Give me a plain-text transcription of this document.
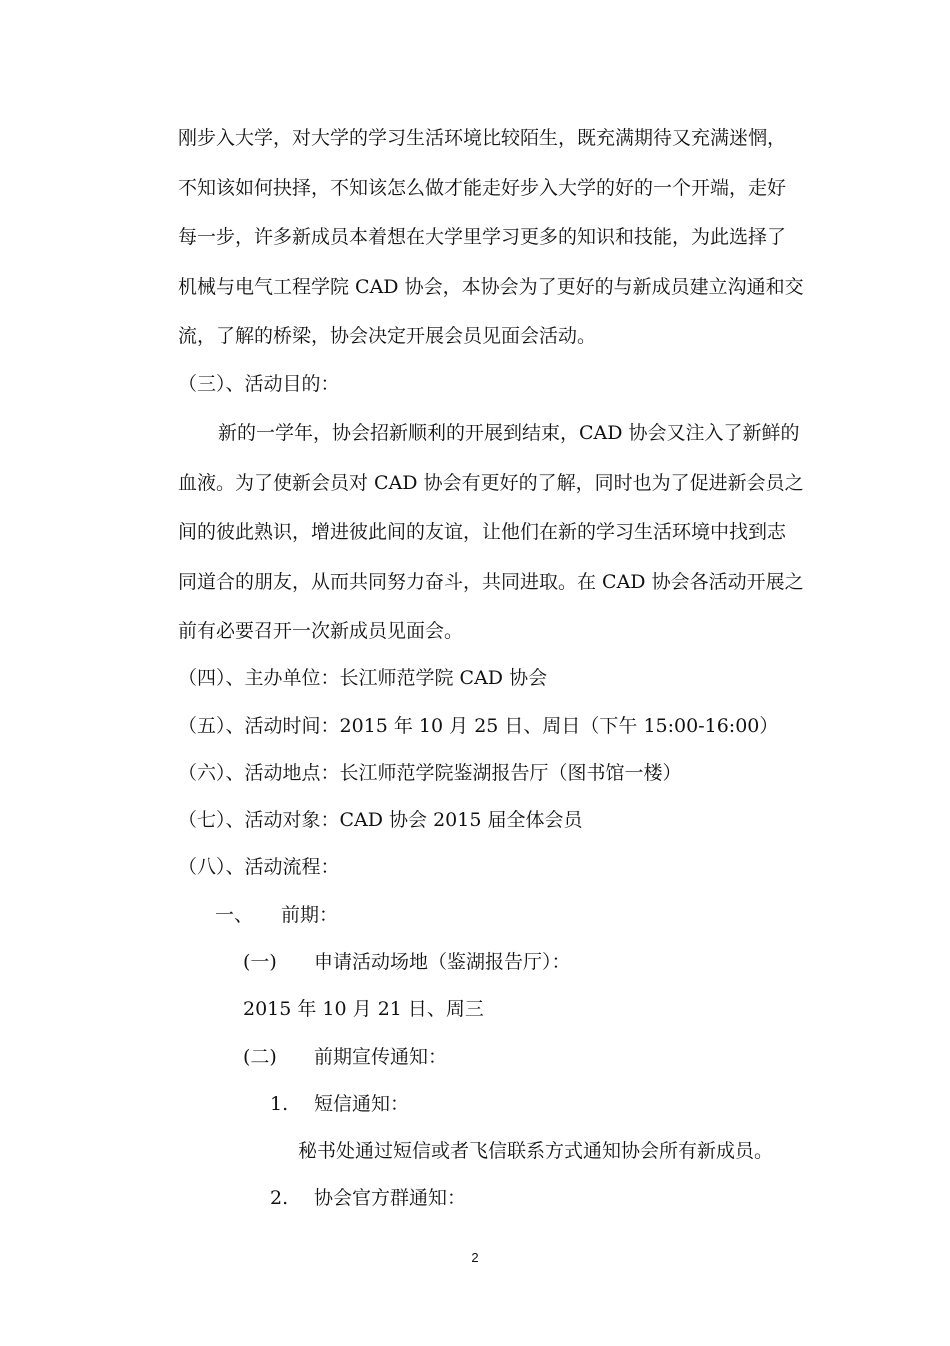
刚步入大学，对大学的学习生活环境比较陌生，既充满期待又充满迷惘，

不知该如何抉择，不知该怎么做才能走好步入大学的好的一个开端，走好

每一步，许多新成员本着想在大学里学习更多的知识和技能，为此选择了

机械与电气工程学院 CAD 协会，本协会为了更好的与新成员建立沟通和交

流，了解的桥梁，协会决定开展会员见面会活动。

（三）、活动目的：

新的一学年，协会招新顺利的开展到结束，CAD 协会又注入了新鲜的

血液。为了使新会员对 CAD 协会有更好的了解，同时也为了促进新会员之

间的彼此熟识，增进彼此间的友谊，让他们在新的学习生活环境中找到志

同道合的朋友，从而共同努力奋斗，共同进取。在 CAD 协会各活动开展之

前有必要召开一次新成员见面会。

（四）、主办单位：长江师范学院 CAD 协会

（五）、活动时间：2015 年 10 月 25 日、周日（下午 15:00-16:00）

（六）、活动地点：长江师范学院鉴湖报告厅（图书馆一楼）

（七）、活动对象：CAD 协会 2015 届全体会员

（八）、活动流程：

一、 前期：

(一) 申请活动场地（鉴湖报告厅）：

2015 年 10 月 21 日、周三

(二) 前期宣传通知：

1. 短信通知：

秘书处通过短信或者飞信联系方式通知协会所有新成员。

2. 协会官方群通知：

2
